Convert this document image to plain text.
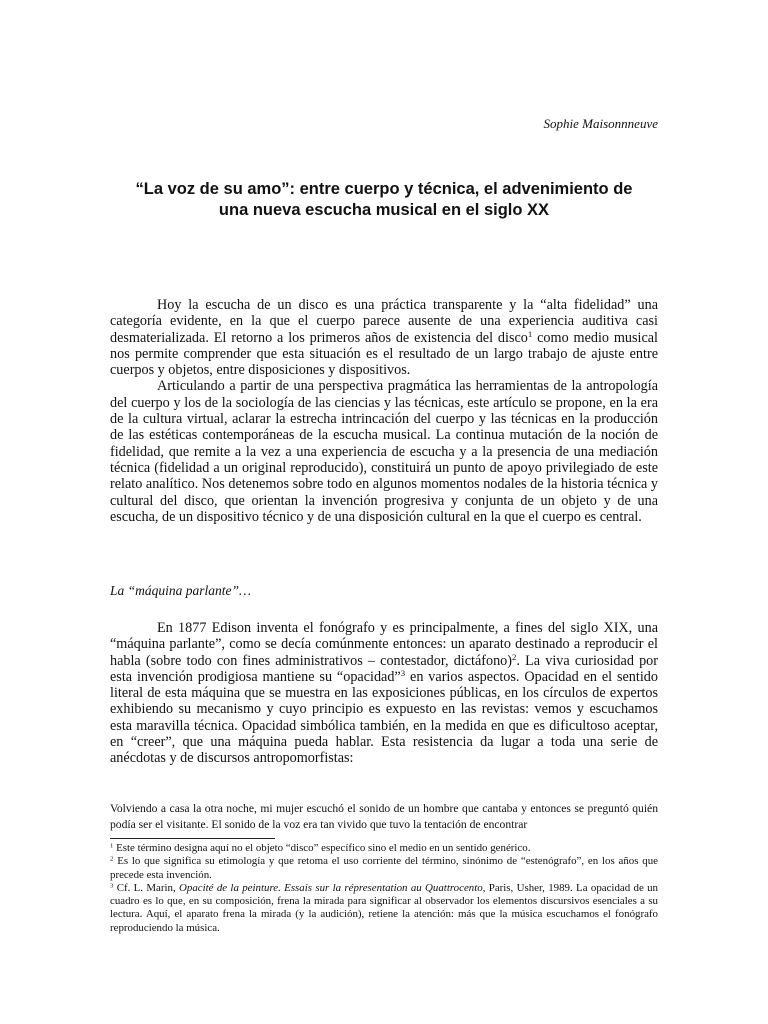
Sophie Maisonnneuve
“La voz de su amo”: entre cuerpo y técnica, el advenimiento de
una nueva escucha musical en el siglo XX

Hoy la escucha de un disco es una práctica transparente y la “alta fidelidad” una categoría evidente, en la que el cuerpo parece ausente de una experiencia auditiva casi desmaterializada. El retorno a los primeros años de existencia del disco$^1$ como medio musical nos permite comprender que esta situación es el resultado de un largo trabajo de ajuste entre cuerpos y objetos, entre disposiciones y dispositivos.

Articulando a partir de una perspectiva pragmática las herramientas de la antropología del cuerpo y los de la sociología de las ciencias y las técnicas, este artículo se propone, en la era de la cultura virtual, aclarar la estrecha intrincación del cuerpo y las técnicas en la producción de las estéticas contemporáneas de la escucha musical. La continua mutación de la noción de fidelidad, que remite a la vez a una experiencia de escucha y a la presencia de una mediación técnica (fidelidad a un original reproducido), constituirá un punto de apoyo privilegiado de este relato analítico. Nos detenemos sobre todo en algunos momentos nodales de la historia técnica y cultural del disco, que orientan la invención progresiva y conjunta de un objeto y de una escucha, de un dispositivo técnico y de una disposición cultural en la que el cuerpo es central.

La “máquina parlante”…

En 1877 Edison inventa el fonógrafo y es principalmente, a fines del siglo XIX, una “máquina parlante”, como se decía comúnmente entonces: un aparato destinado a reproducir el habla (sobre todo con fines administrativos – contestador, dictáfono)$^2$. La viva curiosidad por esta invención prodigiosa mantiene su “opacidad”$^3$ en varios aspectos. Opacidad en el sentido literal de esta máquina que se muestra en las exposiciones públicas, en los círculos de expertos exhibiendo su mecanismo y cuyo principio es expuesto en las revistas: vemos y escuchamos esta maravilla técnica. Opacidad simbólica también, en la medida en que es dificultoso aceptar, en “creer”, que una máquina pueda hablar. Esta resistencia da lugar a toda una serie de anécdotas y de discursos antropomorfistas:

Volviendo a casa la otra noche, mi mujer escuchó el sonido de un hombre que cantaba y entonces se preguntó quién podía ser el visitante. El sonido de la voz era tan vivido que tuvo la tentación de encontrar

$^1$ Este término designa aquí no el objeto “disco” específico sino el medio en un sentido genérico.

$^2$ Es lo que significa su etimología y que retoma el uso corriente del término, sinónimo de “estenógrafo”, en los años que precede esta invención.

$^3$ Cf. L. Marin, Opacité de la peinture. Essais sur la répresentation au Quattrocento, Paris, Usher, 1989. La opacidad de un cuadro es lo que, en su composición, frena la mirada para significar al observador los elementos discursivos esenciales a su lectura. Aquí, el aparato frena la mirada (y la audición), retiene la atención: más que la música escuchamos el fonógrafo reproduciendo la música.
